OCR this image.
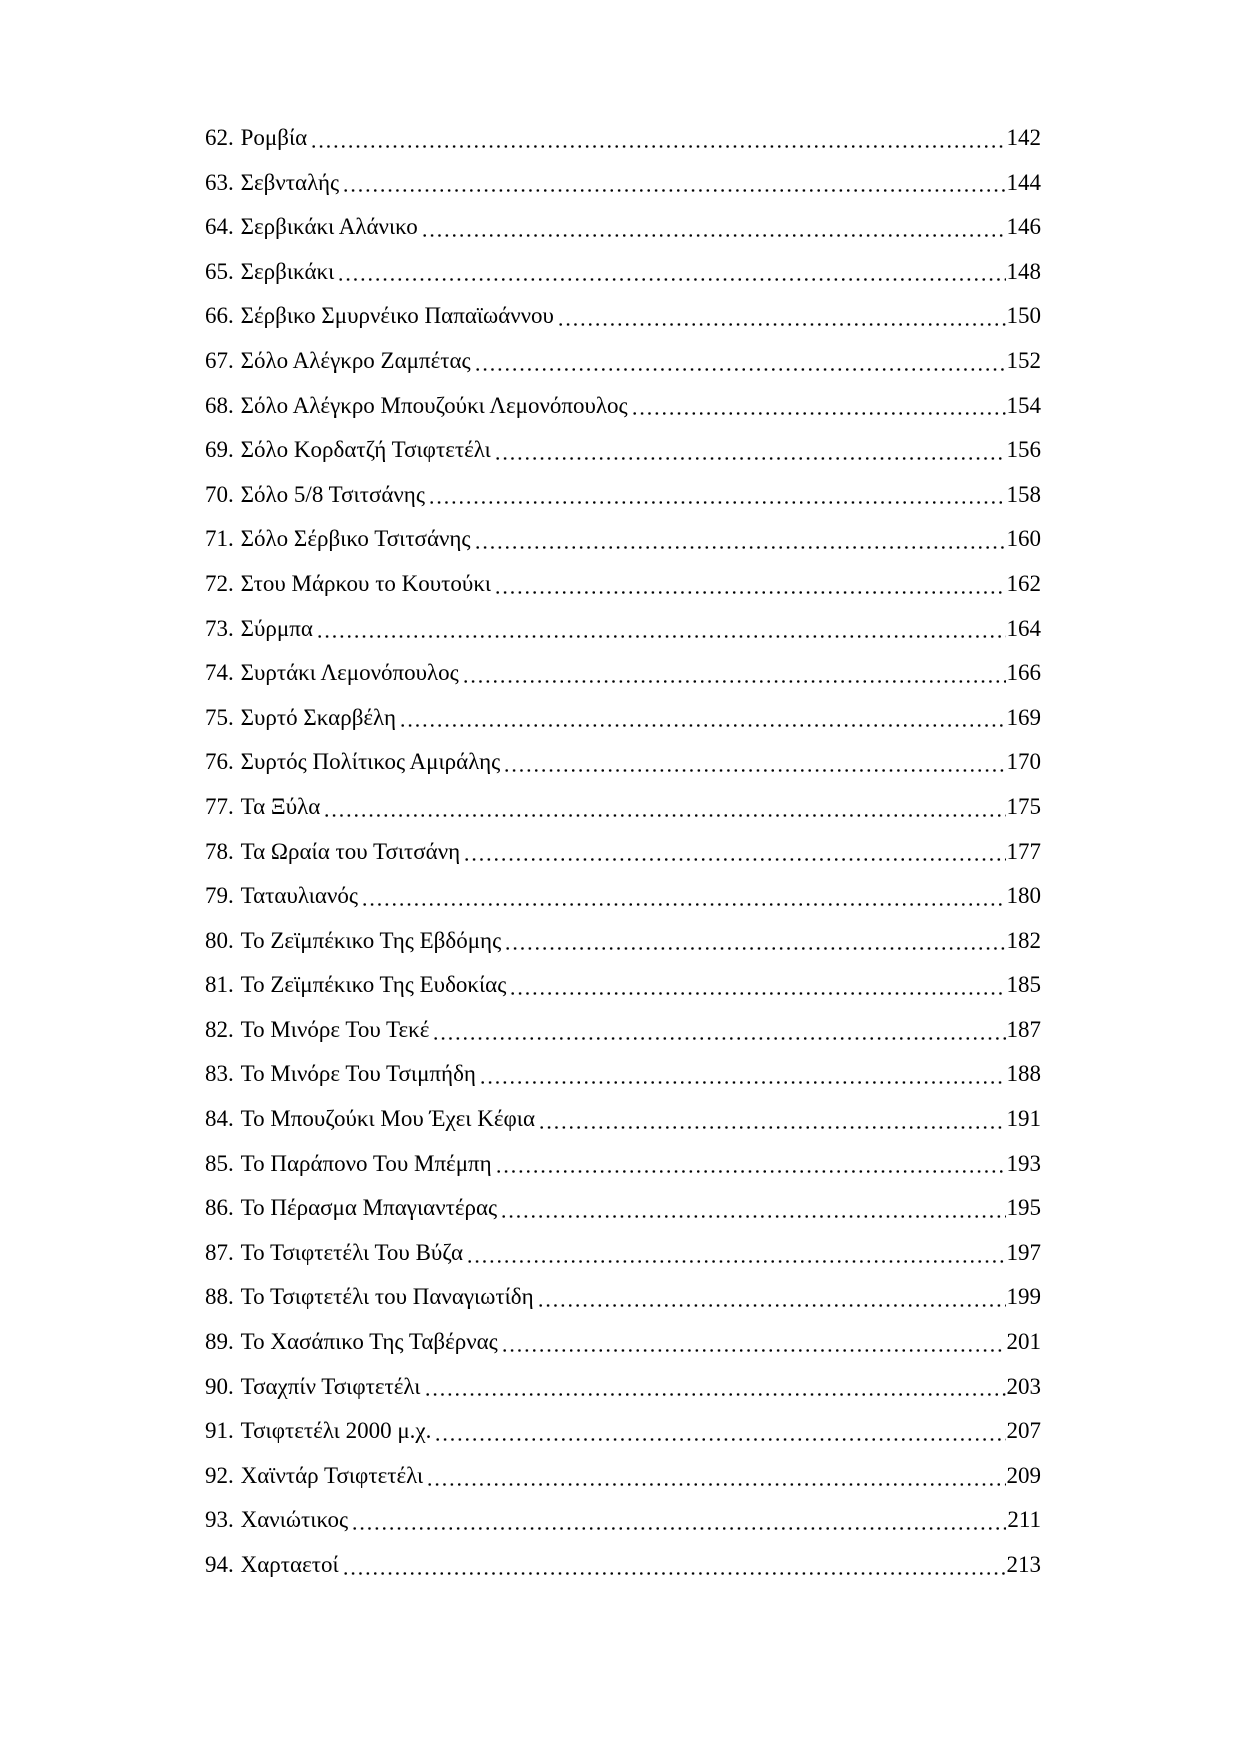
62. Ρομβία	142
63. Σεβνταλής	144
64. Σερβικάκι Αλάνικο	146
65. Σερβικάκι	148
66. Σέρβικο Σμυρνέικο Παπαϊωάννου	150
67. Σόλο Αλέγκρο Ζαμπέτας	152
68. Σόλο Αλέγκρο Μπουζούκι Λεμονόπουλος	154
69. Σόλο Κορδατζή Τσιφτετέλι	156
70. Σόλο 5/8 Τσιτσάνης	158
71. Σόλο Σέρβικο Τσιτσάνης	160
72. Στου Μάρκου το Κουτούκι	162
73. Σύρμπα	164
74. Συρτάκι Λεμονόπουλος	166
75. Συρτό Σκαρβέλη	169
76. Συρτός Πολίτικος Αμιράλης	170
77. Τα Ξύλα	175
78. Τα Ωραία του Τσιτσάνη	177
79. Ταταυλιανός	180
80. Το Ζεϊμπέκικο Της Εβδόμης	182
81. Το Ζεϊμπέκικο Της Ευδοκίας	185
82. Το Μινόρε Του Τεκέ	187
83. Το Μινόρε Του Τσιμπήδη	188
84. Το Μπουζούκι Μου Έχει Κέφια	191
85. Το Παράπονο Του Μπέμπη	193
86. Το Πέρασμα Μπαγιαντέρας	195
87. Το Τσιφτετέλι Του Βύζα	197
88. Το Τσιφτετέλι του Παναγιωτίδη	199
89. Το Χασάπικο Της Ταβέρνας	201
90. Τσαχπίν Τσιφτετέλι	203
91. Τσιφτετέλι 2000 μ.χ.	207
92. Χαϊντάρ Τσιφτετέλι	209
93. Χανιώτικος	211
94. Χαρταετοί	213
